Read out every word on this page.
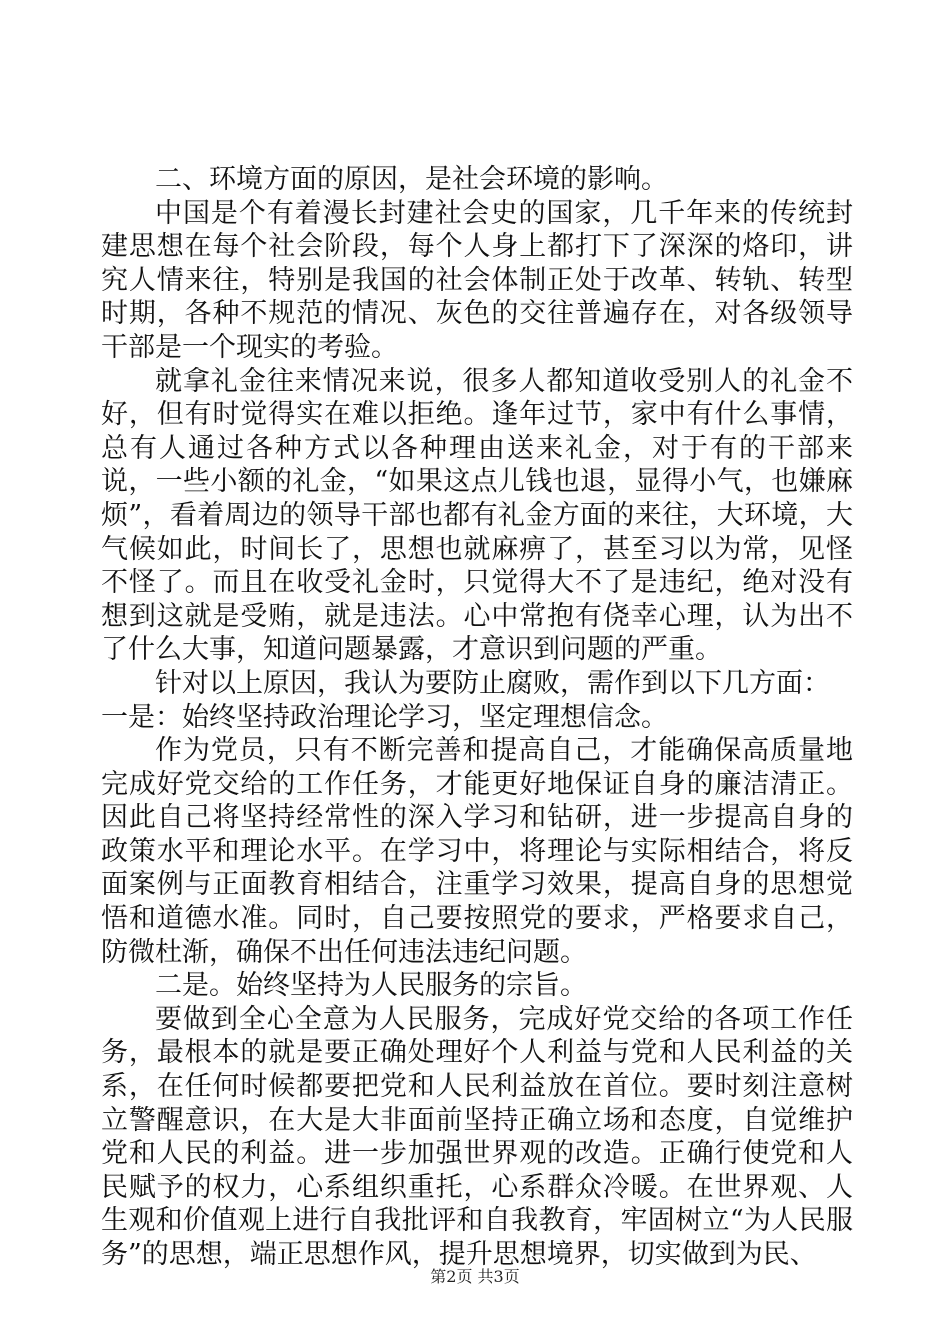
二、环境方面的原因，是社会环境的影响。

中国是个有着漫长封建社会史的国家，几千年来的传统封建思想在每个社会阶段，每个人身上都打下了深深的烙印，讲究人情来往，特别是我国的社会体制正处于改革、转轨、转型时期，各种不规范的情况、灰色的交往普遍存在，对各级领导干部是一个现实的考验。

就拿礼金往来情况来说，很多人都知道收受别人的礼金不好，但有时觉得实在难以拒绝。逢年过节，家中有什么事情，总有人通过各种方式以各种理由送来礼金，对于有的干部来说，一些小额的礼金，“如果这点儿钱也退，显得小气，也嫌麻烦”，看着周边的领导干部也都有礼金方面的来往，大环境，大气候如此，时间长了，思想也就麻痹了，甚至习以为常，见怪不怪了。而且在收受礼金时，只觉得大不了是违纪，绝对没有想到这就是受贿，就是违法。心中常抱有侥幸心理，认为出不了什么大事，知道问题暴露，才意识到问题的严重。

针对以上原因，我认为要防止腐败，需作到以下几方面：

一是：始终坚持政治理论学习，坚定理想信念。

作为党员，只有不断完善和提高自己，才能确保高质量地完成好党交给的工作任务，才能更好地保证自身的廉洁清正。因此自己将坚持经常性的深入学习和钻研，进一步提高自身的政策水平和理论水平。在学习中，将理论与实际相结合，将反面案例与正面教育相结合，注重学习效果，提高自身的思想觉悟和道德水准。同时，自己要按照党的要求，严格要求自己，防微杜渐，确保不出任何违法违纪问题。

二是。始终坚持为人民服务的宗旨。

要做到全心全意为人民服务，完成好党交给的各项工作任务，最根本的就是要正确处理好个人利益与党和人民利益的关系，在任何时候都要把党和人民利益放在首位。要时刻注意树立警醒意识，在大是大非面前坚持正确立场和态度，自觉维护党和人民的利益。进一步加强世界观的改造。正确行使党和人民赋予的权力，心系组织重托，心系群众冷暖。在世界观、人生观和价值观上进行自我批评和自我教育，牢固树立“为人民服务”的思想，端正思想作风，提升思想境界，切实做到为民、

第2页 共3页
